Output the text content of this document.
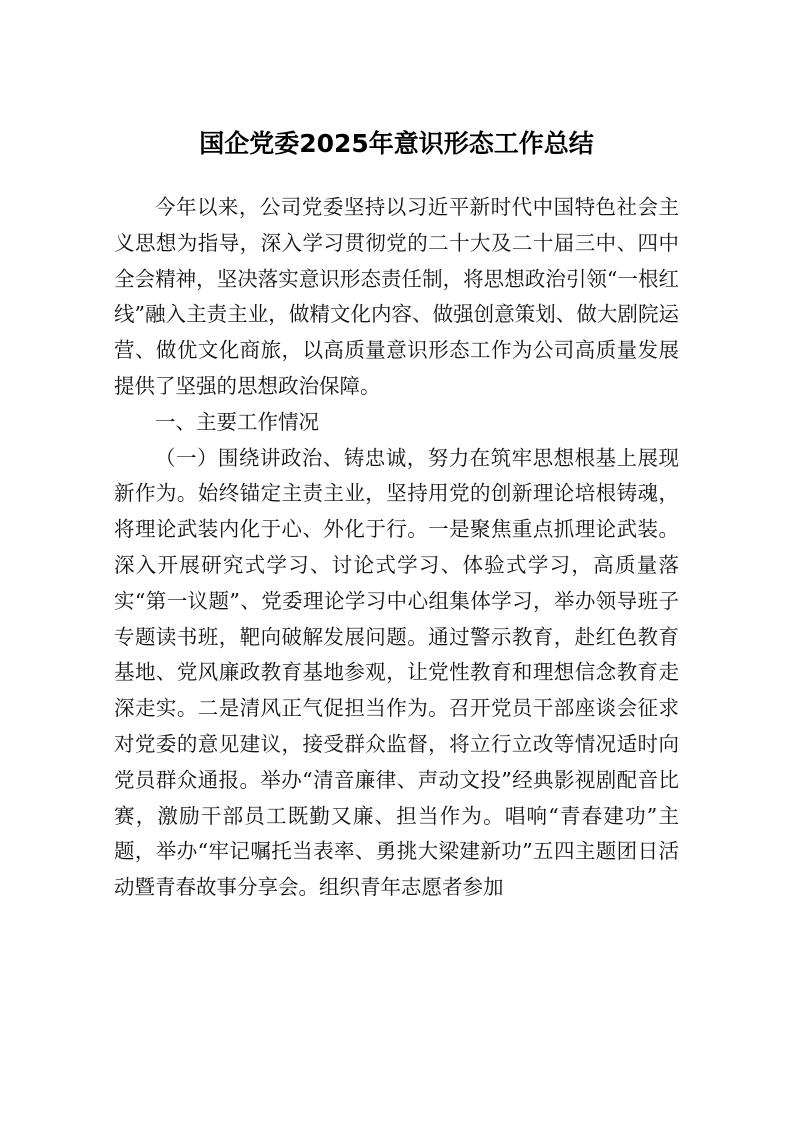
国企党委2025年意识形态工作总结

今年以来，公司党委坚持以习近平新时代中国特色社会主义思想为指导，深入学习贯彻党的二十大及二十届三中、四中全会精神，坚决落实意识形态责任制，将思想政治引领“一根红线”融入主责主业，做精文化内容、做强创意策划、做大剧院运营、做优文化商旅，以高质量意识形态工作为公司高质量发展提供了坚强的思想政治保障。

一、主要工作情况

（一）围绕讲政治、铸忠诚，努力在筑牢思想根基上展现新作为。始终锚定主责主业，坚持用党的创新理论培根铸魂，将理论武装内化于心、外化于行。一是聚焦重点抓理论武装。深入开展研究式学习、讨论式学习、体验式学习，高质量落实“第一议题”、党委理论学习中心组集体学习，举办领导班子专题读书班，靶向破解发展问题。通过警示教育，赴红色教育基地、党风廉政教育基地参观，让党性教育和理想信念教育走深走实。二是清风正气促担当作为。召开党员干部座谈会征求对党委的意见建议，接受群众监督，将立行立改等情况适时向党员群众通报。举办“清音廉律、声动文投”经典影视剧配音比赛，激励干部员工既勤又廉、担当作为。唱响“青春建功”主题，举办“牢记嘱托当表率、勇挑大梁建新功”五四主题团日活动暨青春故事分享会。组织青年志愿者参加
